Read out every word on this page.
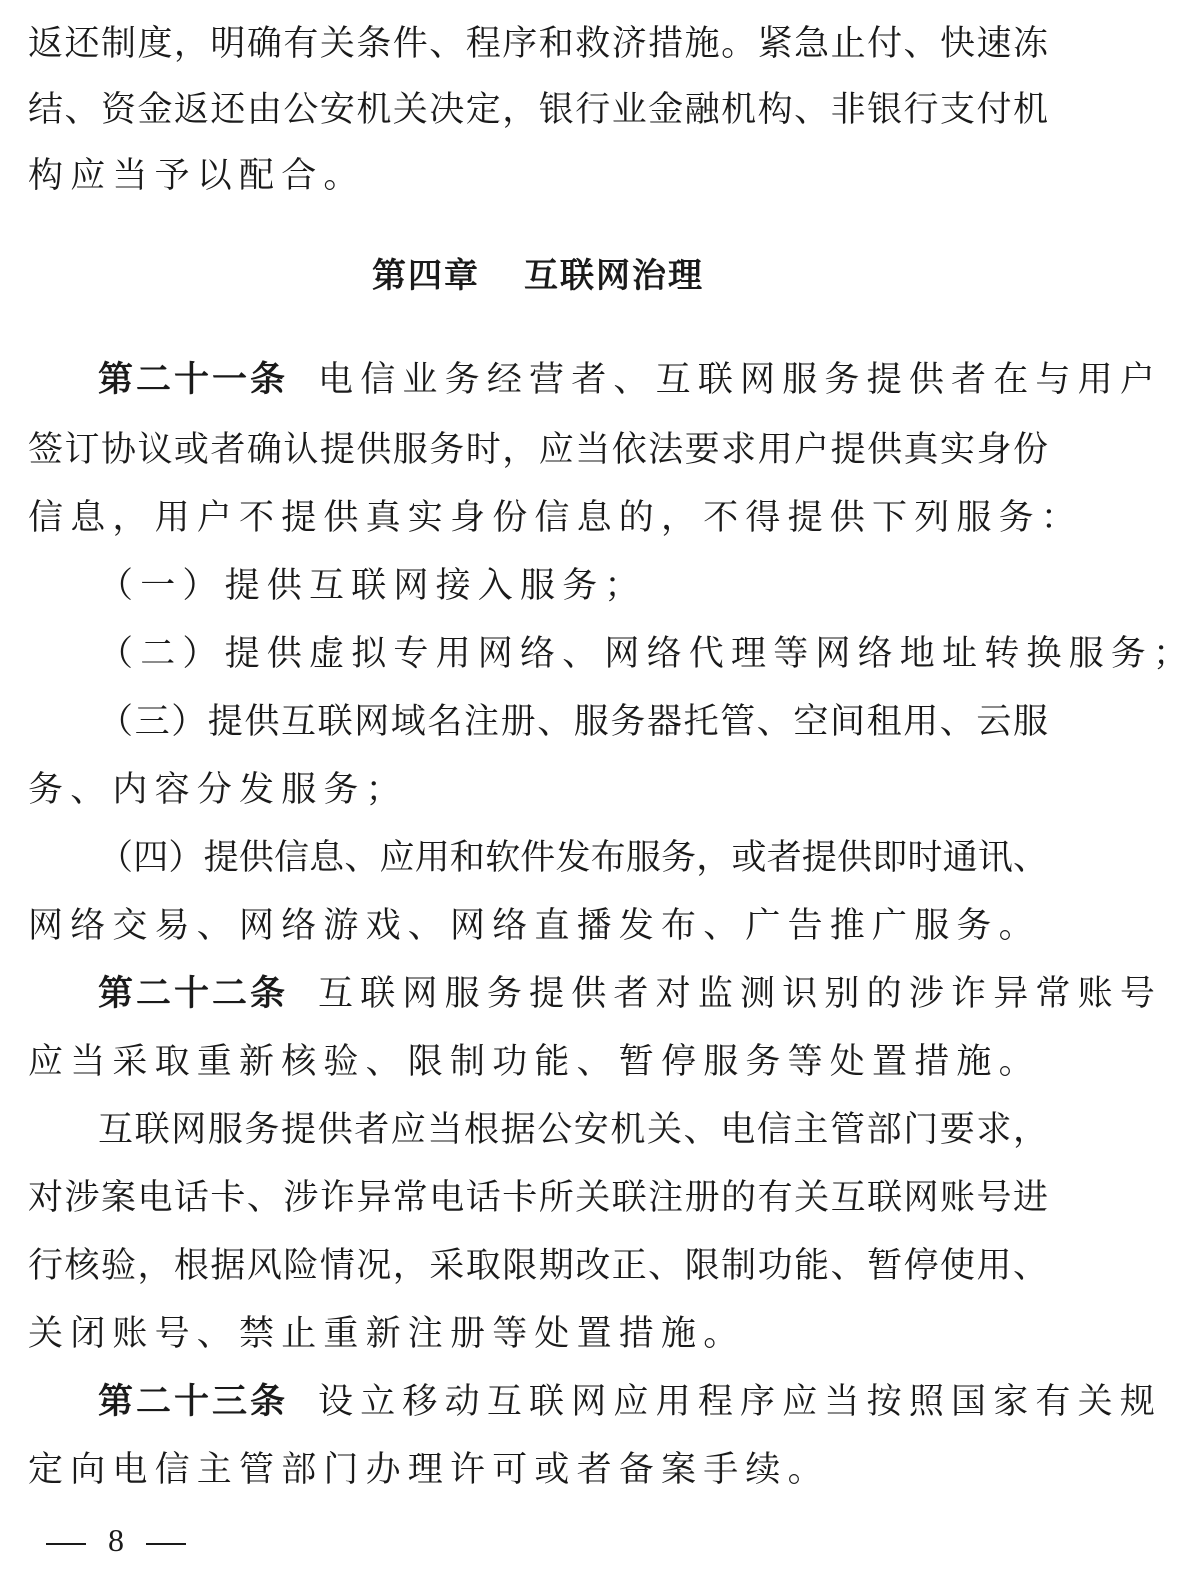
返还制度，明确有关条件、程序和救济措施。紧急止付、快速冻
结、资金返还由公安机关决定，银行业金融机构、非银行支付机
构应当予以配合。
第四章 互联网治理
第二十一条 电信业务经营者、互联网服务提供者在与用户
签订协议或者确认提供服务时，应当依法要求用户提供真实身份
信息，用户不提供真实身份信息的，不得提供下列服务：
（一）提供互联网接入服务；
（二）提供虚拟专用网络、网络代理等网络地址转换服务；
（三）提供互联网域名注册、服务器托管、空间租用、云服
务、内容分发服务；
（四）提供信息、应用和软件发布服务，或者提供即时通讯、
网络交易、网络游戏、网络直播发布、广告推广服务。
第二十二条 互联网服务提供者对监测识别的涉诈异常账号
应当采取重新核验、限制功能、暂停服务等处置措施。
互联网服务提供者应当根据公安机关、电信主管部门要求，
对涉案电话卡、涉诈异常电话卡所关联注册的有关互联网账号进
行核验，根据风险情况，采取限期改正、限制功能、暂停使用、
关闭账号、禁止重新注册等处置措施。
第二十三条 设立移动互联网应用程序应当按照国家有关规
定向电信主管部门办理许可或者备案手续。
8
